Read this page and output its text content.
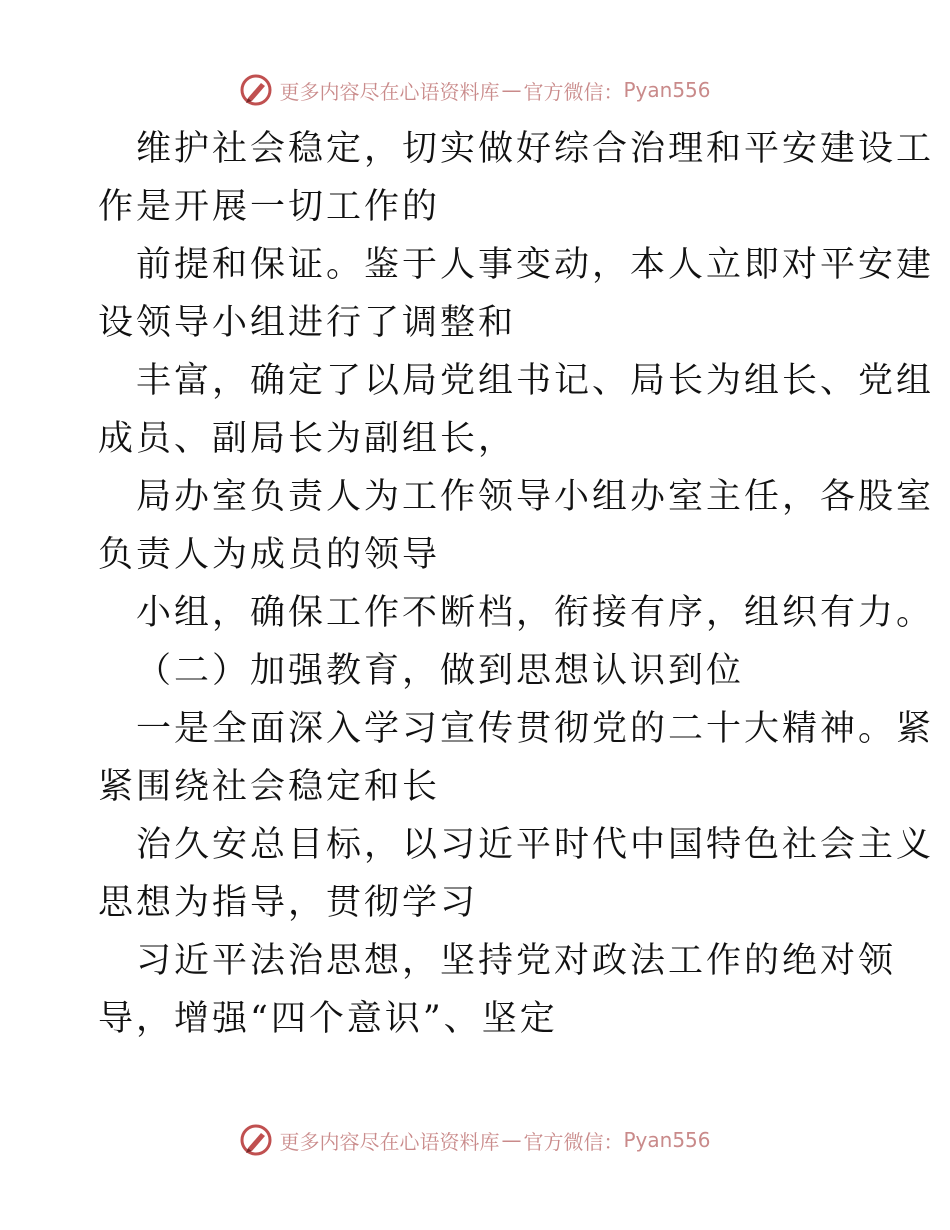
更多内容尽在心语资料库 — 官方微信： Pyan556
维护社会稳定，切实做好综合治理和平安建设工
作是开展一切工作的
前提和保证。鉴于人事变动，本人立即对平安建
设领导小组进行了调整和
丰富，确定了以局党组书记、局长为组长、党组
成员、副局长为副组长，
局办室负责人为工作领导小组办室主任，各股室
负责人为成员的领导
小组，确保工作不断档，衔接有序，组织有力。
（二）加强教育，做到思想认识到位
一是全面深入学习宣传贯彻党的二十大精神。紧
紧围绕社会稳定和长
治久安总目标，以习近平时代中国特色社会主义
思想为指导，贯彻学习
习近平法治思想，坚持党对政法工作的绝对领
导，增强“四个意识”、坚定
更多内容尽在心语资料库 — 官方微信： Pyan556
